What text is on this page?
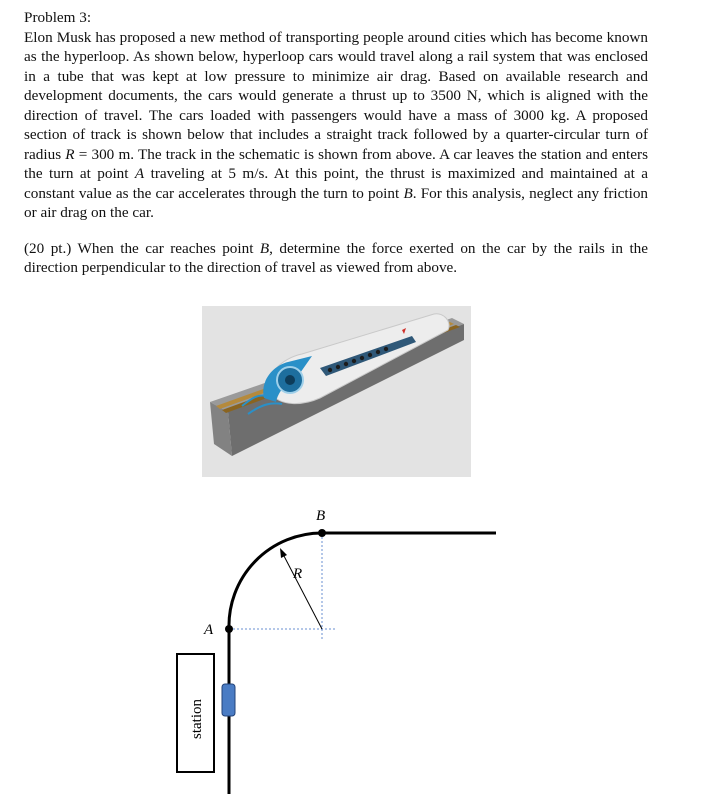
Problem 3:

Elon Musk has proposed a new method of transporting people around cities which has become known as the hyperloop. As shown below, hyperloop cars would travel along a rail system that was enclosed in a tube that was kept at low pressure to minimize air drag. Based on available research and development documents, the cars would generate a thrust up to 3500 N, which is aligned with the direction of travel. The cars loaded with passengers would have a mass of 3000 kg. A proposed section of track is shown below that includes a straight track followed by a quarter-circular turn of radius R = 300 m. The track in the schematic is shown from above. A car leaves the station and enters the turn at point A traveling at 5 m/s. At this point, the thrust is maximized and maintained at a constant value as the car accelerates through the turn to point B. For this analysis, neglect any friction or air drag on the car.

(20 pt.) When the car reaches point B, determine the force exerted on the car by the rails in the direction perpendicular to the direction of travel as viewed from above.

B
R
A
station
